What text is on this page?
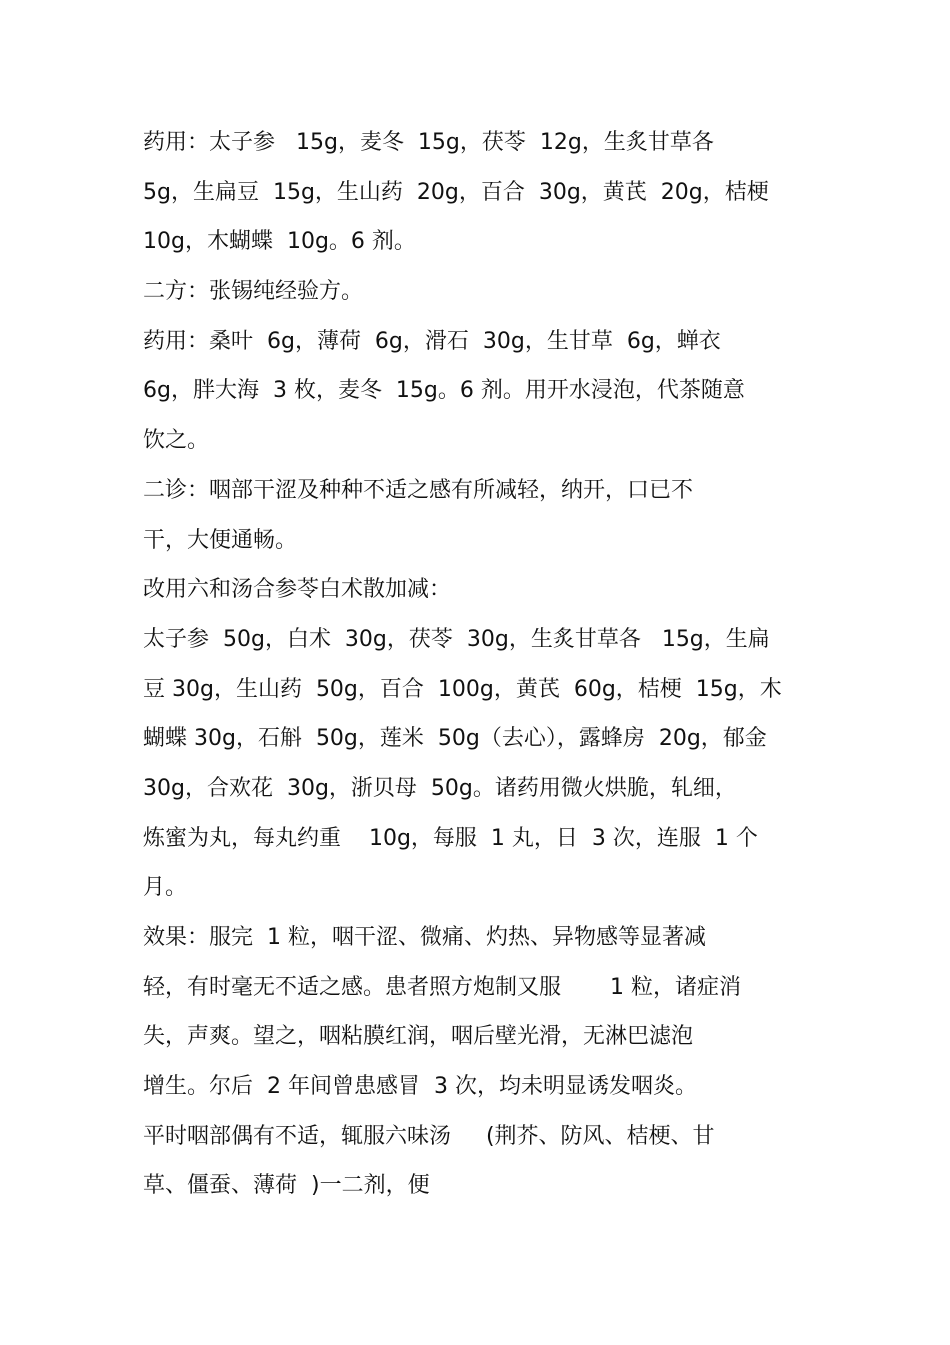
药用：太子参   15g，麦冬  15g，茯苓  12g，生炙甘草各
5g，生扁豆  15g，生山药  20g，百合  30g，黄芪  20g，桔梗
10g，木蝴蝶  10g。6 剂。
二方：张锡纯经验方。
药用：桑叶  6g，薄荷  6g，滑石  30g，生甘草  6g，蝉衣
6g，胖大海  3 枚，麦冬  15g。6 剂。用开水浸泡，代茶随意
饮之。
二诊：咽部干涩及种种不适之感有所减轻，纳开，口已不
干，大便通畅。
改用六和汤合参苓白术散加减：
太子参  50g，白术  30g，茯苓  30g，生炙甘草各   15g，生扁
豆 30g，生山药  50g，百合  100g，黄芪  60g，桔梗  15g，木
蝴蝶 30g，石斛  50g，莲米  50g（去心），露蜂房  20g，郁金
30g，合欢花  30g，浙贝母  50g。诸药用微火烘脆，轧细，
炼蜜为丸，每丸约重    10g，每服  1 丸，日  3 次，连服  1 个
月。
效果：服完  1 粒，咽干涩、微痛、灼热、异物感等显著减
轻，有时毫无不适之感。患者照方炮制又服       1 粒，诸症消
失，声爽。望之，咽粘膜红润，咽后壁光滑，无淋巴滤泡
增生。尔后  2 年间曾患感冒  3 次，均未明显诱发咽炎。
平时咽部偶有不适，辄服六味汤     (荆芥、防风、桔梗、甘
草、僵蚕、薄荷  )一二剂，便
